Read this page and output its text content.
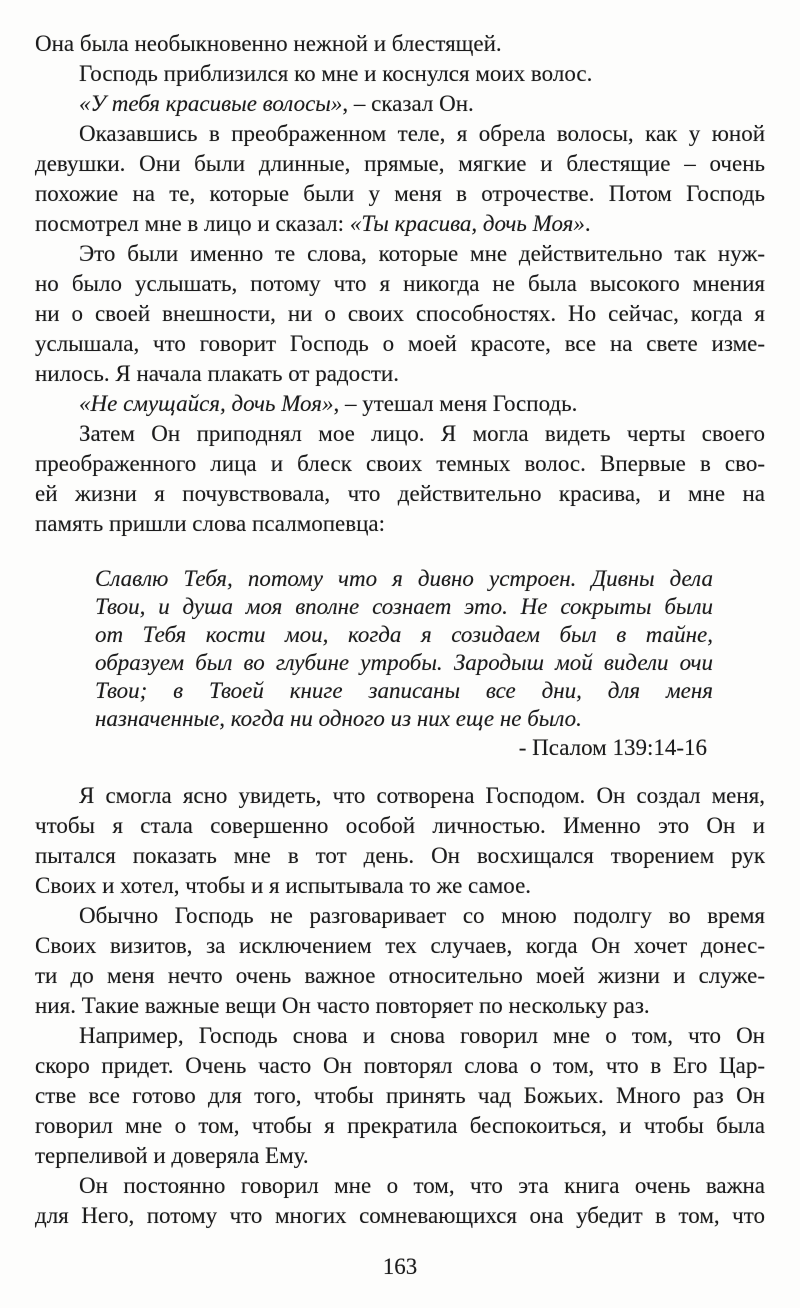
Она была необыкновенно нежной и блестящей.
Господь приблизился ко мне и коснулся моих волос.
«У тебя красивые волосы», – сказал Он.
Оказавшись в преображенном теле, я обрела волосы, как у юной
девушки. Они были длинные, прямые, мягкие и блестящие – очень
похожие на те, которые были у меня в отрочестве. Потом Господь
посмотрел мне в лицо и сказал: «Ты красива, дочь Моя».
Это были именно те слова, которые мне действительно так нуж-
но было услышать, потому что я никогда не была высокого мнения
ни о своей внешности, ни о своих способностях. Но сейчас, когда я
услышала, что говорит Господь о моей красоте, все на свете изме-
нилось. Я начала плакать от радости.
«Не смущайся, дочь Моя», – утешал меня Господь.
Затем Он приподнял мое лицо. Я могла видеть черты своего
преображенного лица и блеск своих темных волос. Впервые в сво-
ей жизни я почувствовала, что действительно красива, и мне на
память пришли слова псалмопевца:
Славлю Тебя, потому что я дивно устроен. Дивны дела
Твои, и душа моя вполне сознает это. Не сокрыты были
от Тебя кости мои, когда я созидаем был в тайне,
образуем был во глубине утробы. Зародыш мой видели очи
Твои; в Твоей книге записаны все дни, для меня
назначенные, когда ни одного из них еще не было.
- Псалом 139:14-16
Я смогла ясно увидеть, что сотворена Господом. Он создал меня,
чтобы я стала совершенно особой личностью. Именно это Он и
пытался показать мне в тот день. Он восхищался творением рук
Своих и хотел, чтобы и я испытывала то же самое.
Обычно Господь не разговаривает со мною подолгу во время
Своих визитов, за исключением тех случаев, когда Он хочет донес-
ти до меня нечто очень важное относительно моей жизни и служе-
ния. Такие важные вещи Он часто повторяет по нескольку раз.
Например, Господь снова и снова говорил мне о том, что Он
скоро придет. Очень часто Он повторял слова о том, что в Его Цар-
стве все готово для того, чтобы принять чад Божьих. Много раз Он
говорил мне о том, чтобы я прекратила беспокоиться, и чтобы была
терпеливой и доверяла Ему.
Он постоянно говорил мне о том, что эта книга очень важна
для Него, потому что многих сомневающихся она убедит в том, что
163
